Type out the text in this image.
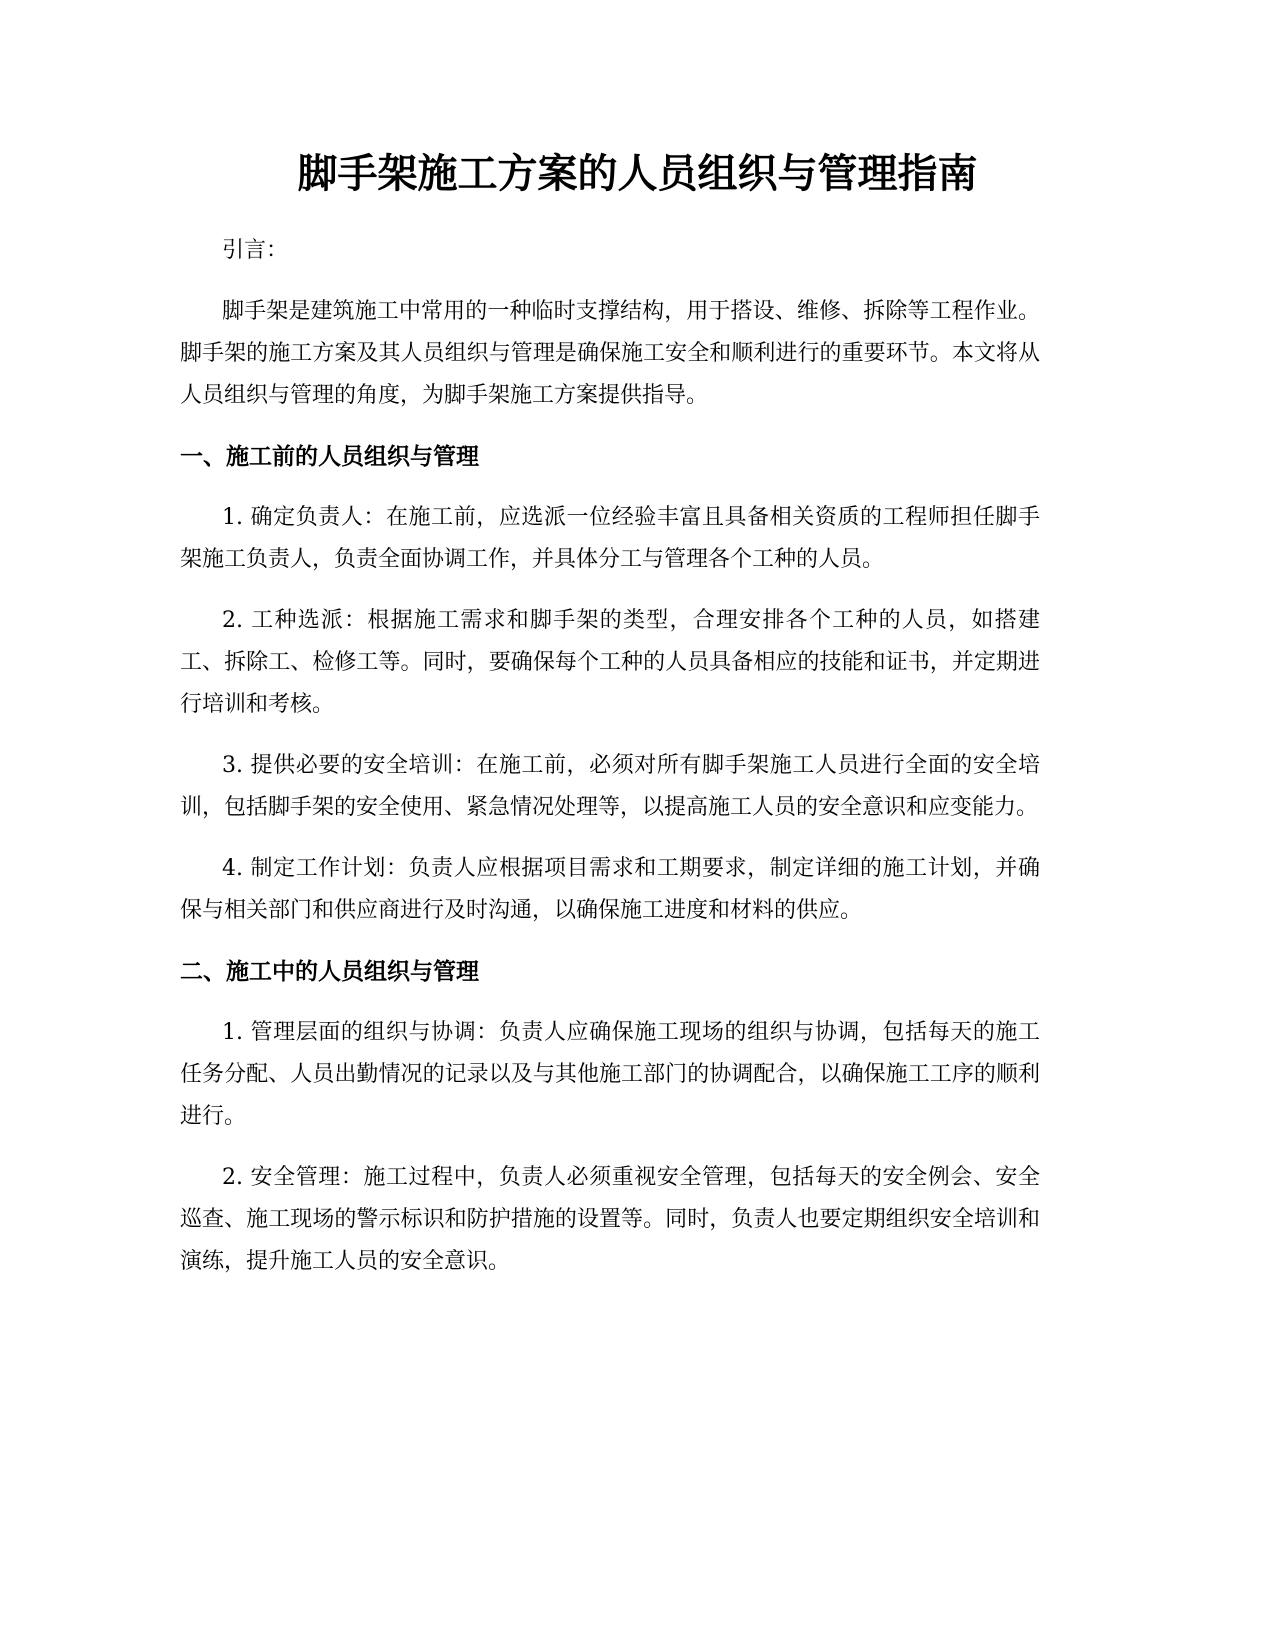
脚手架施工方案的人员组织与管理指南

引言：

脚手架是建筑施工中常用的一种临时支撑结构，用于搭设、维修、拆除等工程作业。脚手架的施工方案及其人员组织与管理是确保施工安全和顺利进行的重要环节。本文将从人员组织与管理的角度，为脚手架施工方案提供指导。

一、施工前的人员组织与管理

1. 确定负责人：在施工前，应选派一位经验丰富且具备相关资质的工程师担任脚手架施工负责人，负责全面协调工作，并具体分工与管理各个工种的人员。

2. 工种选派：根据施工需求和脚手架的类型，合理安排各个工种的人员，如搭建工、拆除工、检修工等。同时，要确保每个工种的人员具备相应的技能和证书，并定期进行培训和考核。

3. 提供必要的安全培训：在施工前，必须对所有脚手架施工人员进行全面的安全培训，包括脚手架的安全使用、紧急情况处理等，以提高施工人员的安全意识和应变能力。

4. 制定工作计划：负责人应根据项目需求和工期要求，制定详细的施工计划，并确保与相关部门和供应商进行及时沟通，以确保施工进度和材料的供应。

二、施工中的人员组织与管理

1. 管理层面的组织与协调：负责人应确保施工现场的组织与协调，包括每天的施工任务分配、人员出勤情况的记录以及与其他施工部门的协调配合，以确保施工工序的顺利进行。

2. 安全管理：施工过程中，负责人必须重视安全管理，包括每天的安全例会、安全巡查、施工现场的警示标识和防护措施的设置等。同时，负责人也要定期组织安全培训和演练，提升施工人员的安全意识。
